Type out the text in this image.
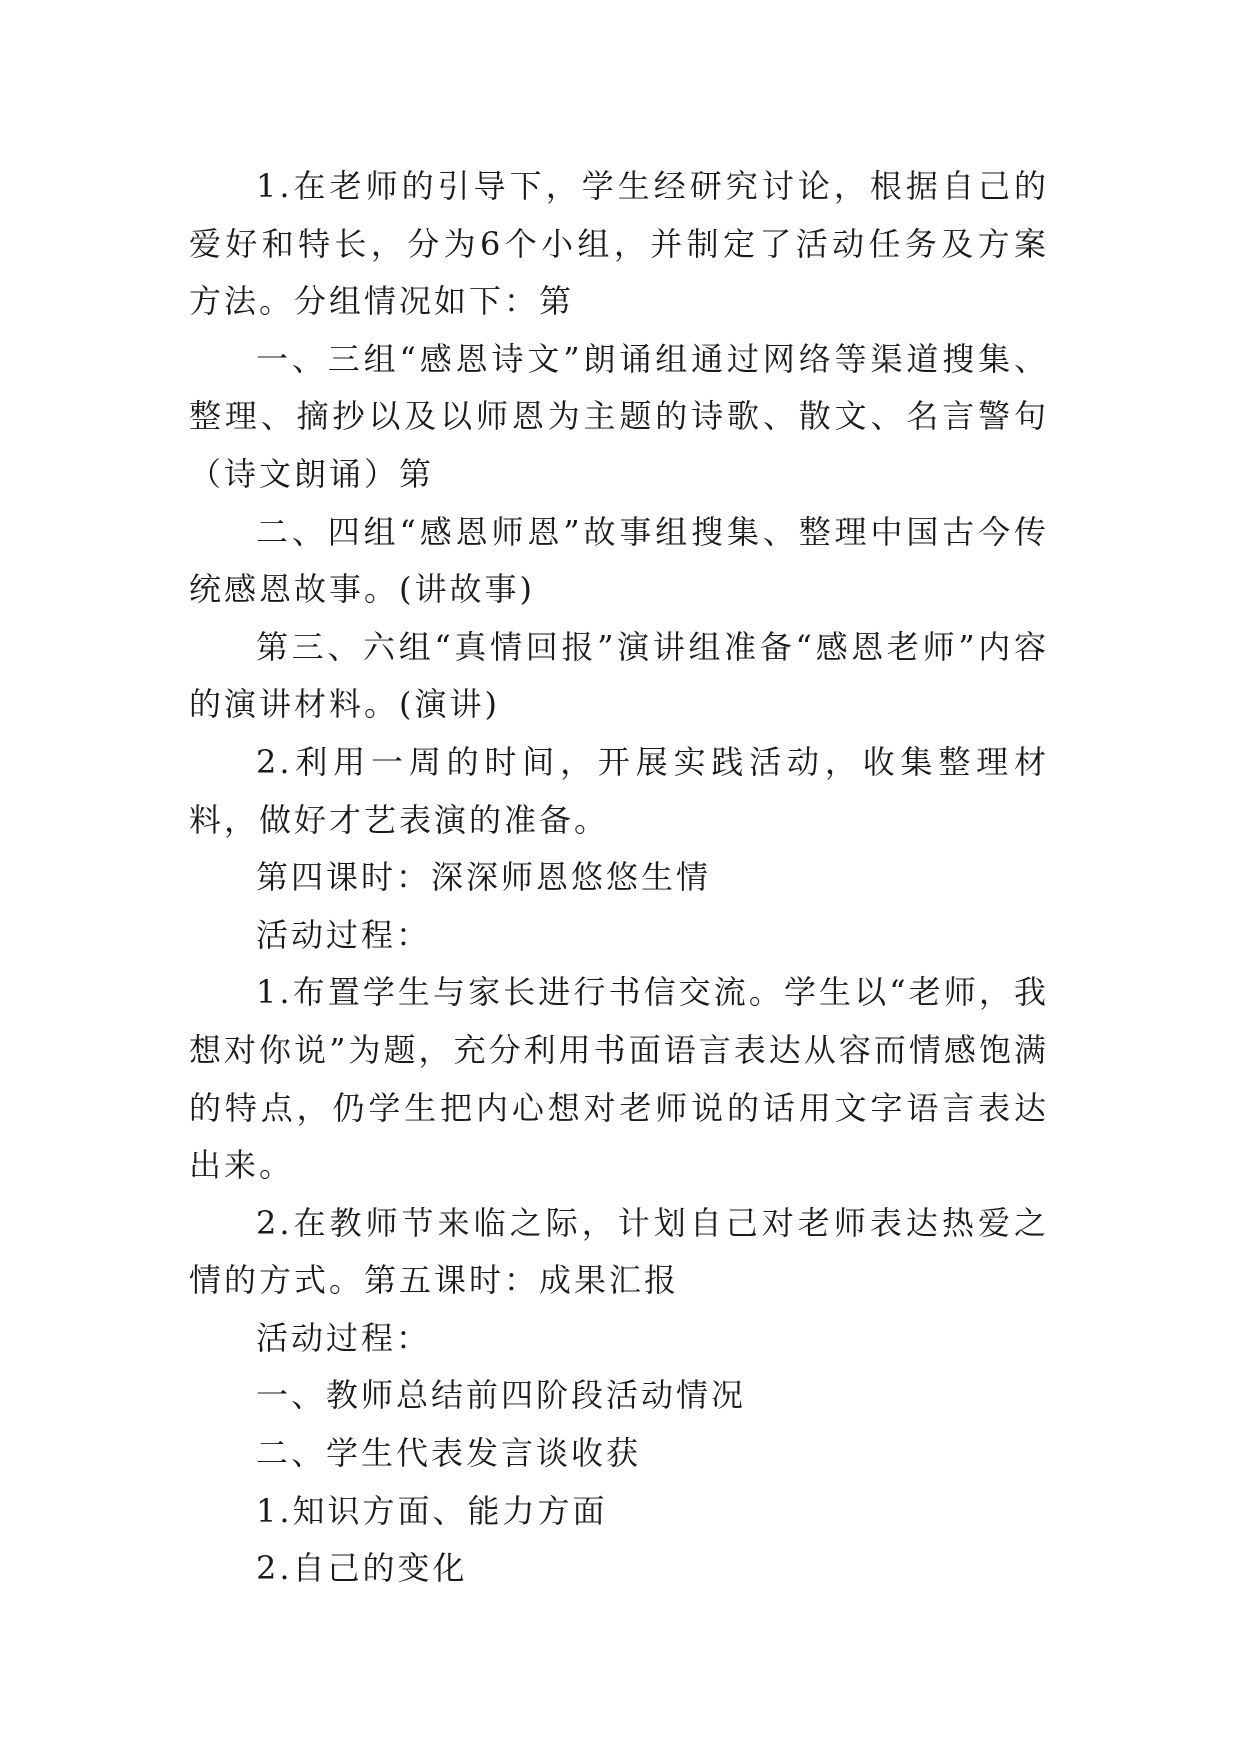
1.在老师的引导下，学生经研究讨论，根据自己的爱好和特长，分为6个小组，并制定了活动任务及方案方法。分组情况如下：第

一、三组“感恩诗文”朗诵组通过网络等渠道搜集、整理、摘抄以及以师恩为主题的诗歌、散文、名言警句（诗文朗诵）第

二、四组“感恩师恩”故事组搜集、整理中国古今传统感恩故事。(讲故事)

第三、六组“真情回报”演讲组准备“感恩老师”内容的演讲材料。(演讲)

2.利用一周的时间，开展实践活动，收集整理材料，做好才艺表演的准备。

第四课时：深深师恩悠悠生情

活动过程：

1.布置学生与家长进行书信交流。学生以“老师，我想对你说”为题，充分利用书面语言表达从容而情感饱满的特点，仍学生把内心想对老师说的话用文字语言表达出来。

2.在教师节来临之际，计划自己对老师表达热爱之情的方式。第五课时：成果汇报

活动过程：

一、教师总结前四阶段活动情况

二、学生代表发言谈收获

1.知识方面、能力方面

2.自己的变化
